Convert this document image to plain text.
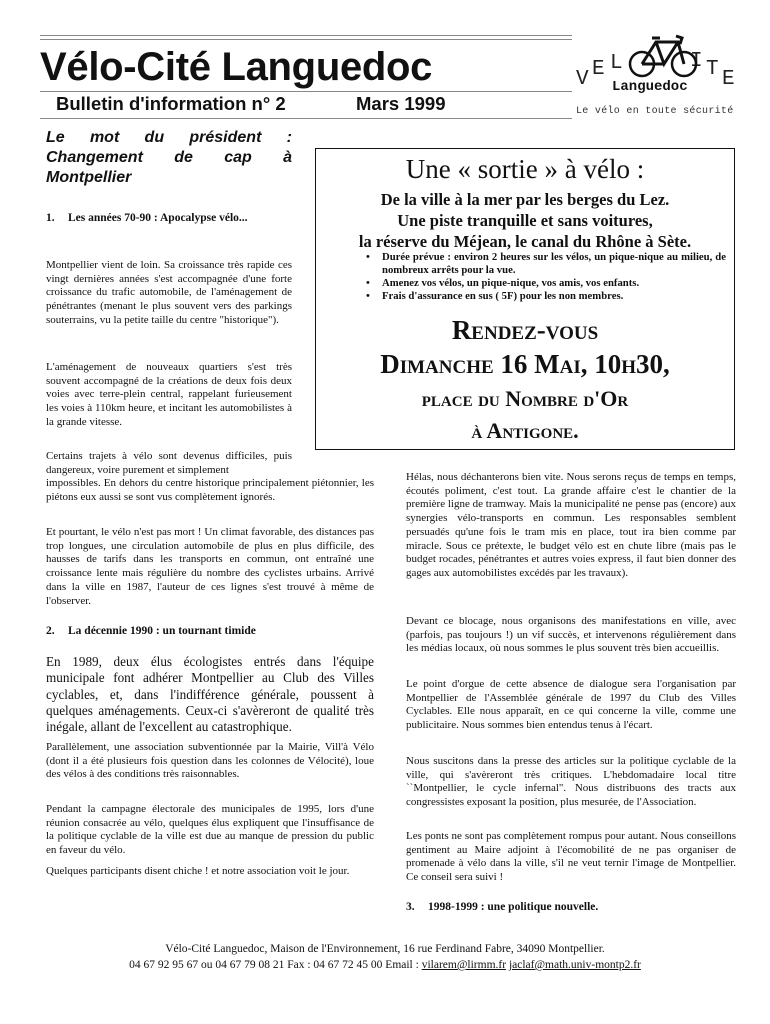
Vélo-Cité Languedoc
Bulletin d'information n° 2	Mars 1999
V E L	I T E
Languedoc
Le vélo en toute sécurité
Le mot du président : Changement de cap à Montpellier
1.	Les années 70-90 : Apocalypse vélo...
Montpellier vient de loin. Sa croissance très rapide ces vingt dernières années s'est accompagnée d'une forte croissance du trafic automobile, de l'aménagement de pénétrantes (menant le plus souvent vers des parkings souterrains, vu la petite taille du centre "historique").
L'aménagement de nouveaux quartiers s'est très souvent accompagné de la créations de deux fois deux voies avec terre-plein central, rappelant furieusement les voies à 110km heure, et incitant les automobilistes à la grande vitesse.
Certains trajets à vélo sont devenus difficiles, puis dangereux, voire purement et simplement
impossibles. En dehors du centre historique principalement piétonnier, les piétons eux aussi se sont vus complètement ignorés.
Et pourtant, le vélo n'est pas mort ! Un climat favorable, des distances pas trop longues, une circulation automobile de plus en plus difficile, des hausses de tarifs dans les transports en commun, ont entraîné une croissance lente mais régulière du nombre des cyclistes urbains. Arrivé dans la ville en 1987, l'auteur de ces lignes s'est trouvé à même de l'observer.
2. La décennie 1990 : un tournant timide
En 1989, deux élus écologistes entrés dans l'équipe municipale font adhérer Montpellier au Club des Villes cyclables, et, dans l'indifférence générale, poussent à quelques aménagements. Ceux-ci s'avèreront de qualité très inégale, allant de l'excellent au catastrophique.
Parallèlement, une association subventionnée par la Mairie, Vill'à Vélo (dont il a été plusieurs fois question dans les colonnes de Vélocité), loue des vélos à des conditions très raisonnables.
Pendant la campagne électorale des municipales de 1995, lors d'une réunion consacrée au vélo, quelques élus expliquent que l'insuffisance de la politique cyclable de la ville est due au manque de pression du public en faveur du vélo.
Quelques participants disent chiche ! et notre association voit le jour.
Une « sortie » à vélo :
De la ville à la mer par les berges du Lez.
Une piste tranquille et sans voitures,
la réserve du Méjean, le canal du Rhône à Sète.
• Durée prévue : environ 2 heures sur les vélos, un pique-nique au milieu, de nombreux arrêts pour la vue.
• Amenez vos vélos, un pique-nique, vos amis, vos enfants.
• Frais d'assurance en sus ( 5F) pour les non membres.
Rendez-vous
Dimanche 16 Mai, 10h30,
place du Nombre d'Or
à Antigone.
Hélas, nous déchanterons bien vite. Nous serons reçus de temps en temps, écoutés poliment, c'est tout. La grande affaire c'est le chantier de la première ligne de tramway. Mais la municipalité ne pense pas (encore) aux synergies vélo-transports en commun. Les responsables semblent persuadés qu'une fois le tram mis en place, tout ira bien comme par miracle. Sous ce prétexte, le budget vélo est en chute libre (mais pas le budget rocades, pénétrantes et autres voies express, il faut bien donner des gages aux automobilistes excédés par les travaux).
Devant ce blocage, nous organisons des manifestations en ville, avec (parfois, pas toujours !) un vif succès, et intervenons régulièrement dans les médias locaux, où nous sommes le plus souvent très bien accueillis.
Le point d'orgue de cette absence de dialogue sera l'organisation par Montpellier de l'Assemblée générale de 1997 du Club des Villes Cyclables. Elle nous apparaît, en ce qui concerne la ville, comme une publicitaire. Nous sommes bien entendus tenus à l'écart.
Nous suscitons dans la presse des articles sur la politique cyclable de la ville, qui s'avèreront très critiques. L'hebdomadaire local titre ``Montpellier, le cycle infernal". Nous distribuons des tracts aux congressistes exposant la position, plus mesurée, de l'Association.
Les ponts ne sont pas complètement rompus pour autant. Nous conseillons gentiment au Maire adjoint à l'écomobilité de ne pas organiser de promenade à vélo dans la ville, s'il ne veut ternir l'image de Montpellier. Ce conseil sera suivi !
3. 1998-1999 : une politique nouvelle.
Vélo-Cité Languedoc, Maison de l'Environnement, 16 rue Ferdinand Fabre, 34090 Montpellier.
04 67 92 95 67 ou 04 67 79 08 21 Fax : 04 67 72 45 00 Email : vilarem@lirmm.fr jaclaf@math.univ-montp2.fr
